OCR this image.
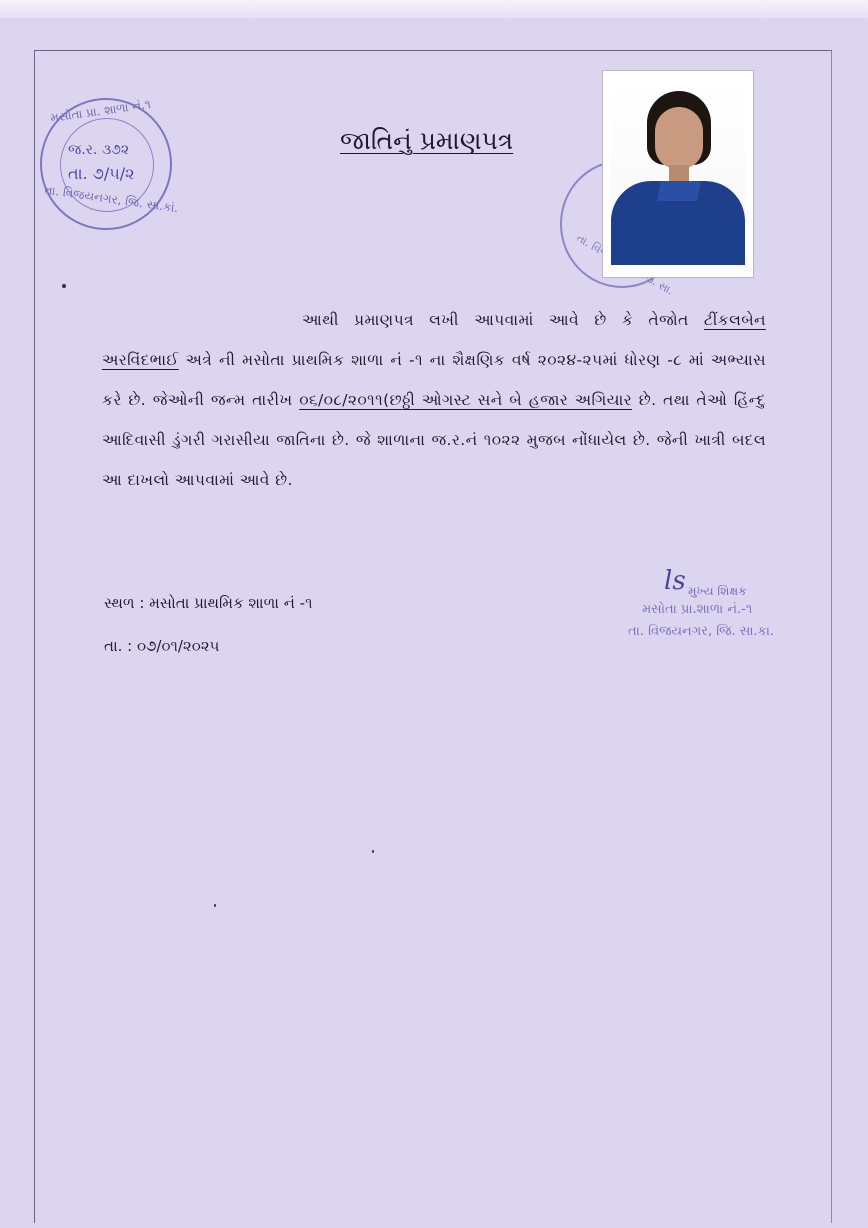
મસોતા પ્રા. શાળા નં.૧
જ.ર. ૩૭૨
તા. ૭/૫/૨
તા. વિજયનગર, જિ. સા.કાં.
જાતિનું પ્રમાણપત્ર
તા. જિ. સા.

આથી પ્રમાણપત્ર લખી આપવામાં આવે છે કે તેજોત ટીંકલબેન અરવિંદભાઈ અત્રે ની મસોતા પ્રાથમિક શાળા નં -૧ ના શૈક્ષણિક વર્ષ ૨૦૨૪-૨૫માં ધોરણ -૮ માં અભ્યાસ કરે છે. જેઓની જન્મ તારીખ ૦૬/૦૮/૨૦૧૧(છઠ્ઠી ઓગસ્ટ સને બે હજાર અગિયાર છે. તથા તેઓ હિંન્દુ આદિવાસી ડુંગરી ગરાસીયા જાતિના છે. જે શાળાના જ.ર.નં ૧૦૨૨ મુજબ નોંધાયેલ છે. જેની ખાત્રી બદલ આ દાખલો આપવામાં આવે છે.

સ્થળ : મસોતા પ્રાથમિક શાળા નં -૧
તા. : ૦૭/૦૧/૨૦૨૫
ls મુખ્ય શિક્ષક
મસોતા પ્રા.શાળા નં.-૧
તા. વિજયનગર, જિ. સા.કા.
